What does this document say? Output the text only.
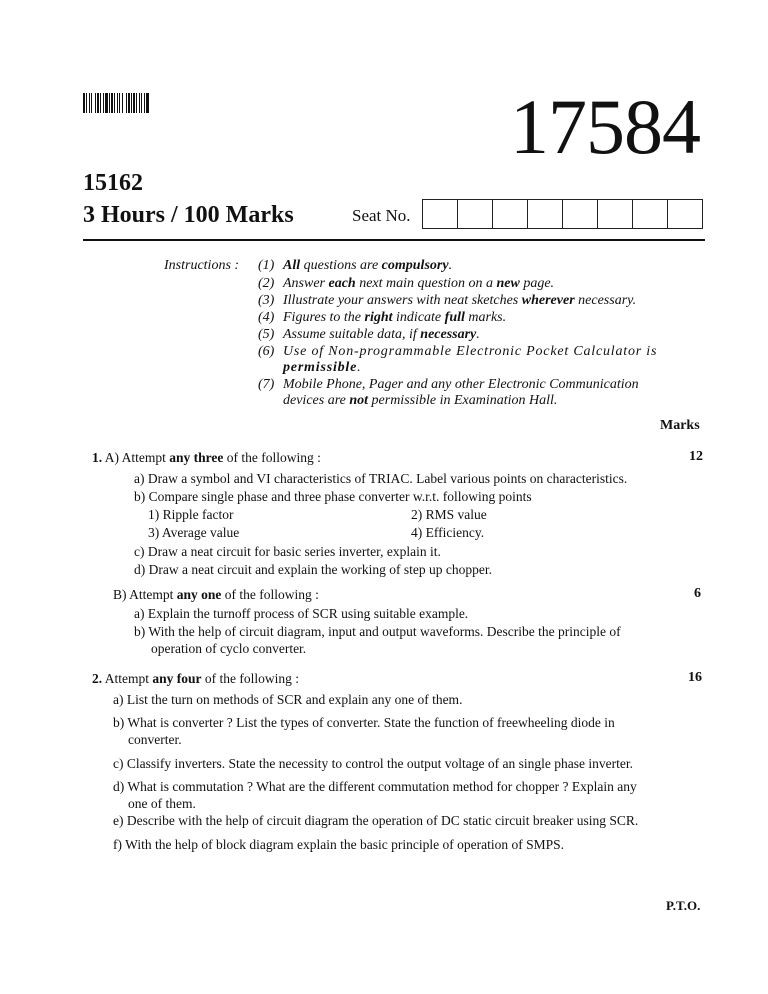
17584
15162
3 Hours / 100 Marks	Seat No.
Instructions : (1) All questions are compulsory.
(2) Answer each next main question on a new page.
(3) Illustrate your answers with neat sketches wherever necessary.
(4) Figures to the right indicate full marks.
(5) Assume suitable data, if necessary.
(6) Use of Non-programmable Electronic Pocket Calculator is permissible.
(7) Mobile Phone, Pager and any other Electronic Communication devices are not permissible in Examination Hall.
Marks
1. A) Attempt any three of the following :	12
a) Draw a symbol and VI characteristics of TRIAC. Label various points on characteristics.
b) Compare single phase and three phase converter w.r.t. following points
1) Ripple factor	2) RMS value
3) Average value	4) Efficiency.
c) Draw a neat circuit for basic series inverter, explain it.
d) Draw a neat circuit and explain the working of step up chopper.
B) Attempt any one of the following :	6
a) Explain the turnoff process of SCR using suitable example.
b) With the help of circuit diagram, input and output waveforms. Describe the principle of
operation of cyclo converter.
2. Attempt any four of the following :	16
a) List the turn on methods of SCR and explain any one of them.
b) What is converter ? List the types of converter. State the function of freewheeling diode in
converter.
c) Classify inverters. State the necessity to control the output voltage of an single phase inverter.
d) What is commutation ? What are the different commutation method for chopper ? Explain any
one of them.
e) Describe with the help of circuit diagram the operation of DC static circuit breaker using SCR.
f) With the help of block diagram explain the basic principle of operation of SMPS.
P.T.O.
